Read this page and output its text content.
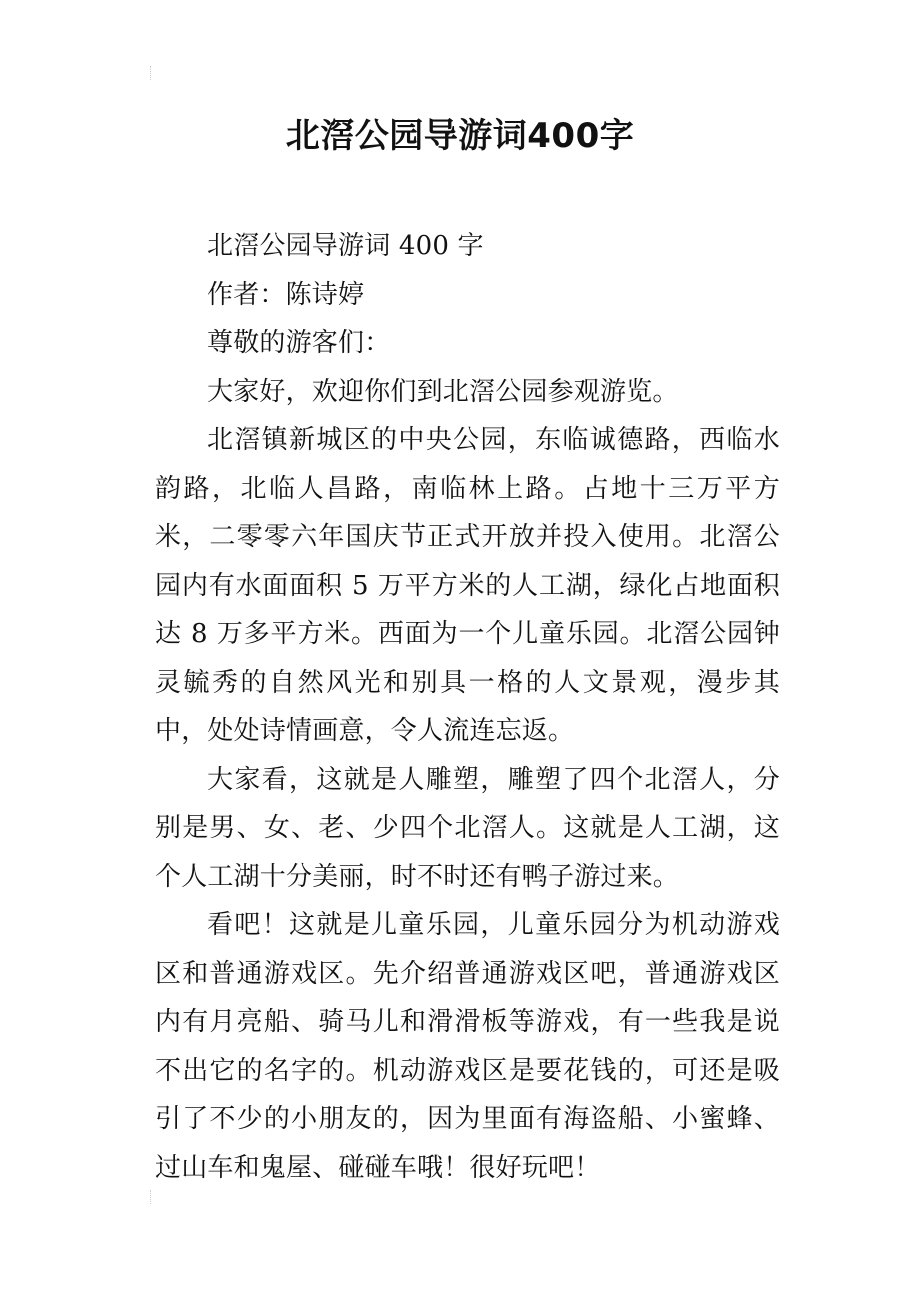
北滘公园导游词400字

北滘公园导游词 400 字

作者：陈诗婷

尊敬的游客们：

大家好，欢迎你们到北滘公园参观游览。

北滘镇新城区的中央公园，东临诚德路，西临水韵路，北临人昌路，南临林上路。占地十三万平方米，二零零六年国庆节正式开放并投入使用。北滘公园内有水面面积 5 万平方米的人工湖，绿化占地面积达 8 万多平方米。西面为一个儿童乐园。北滘公园钟灵毓秀的自然风光和别具一格的人文景观，漫步其中，处处诗情画意，令人流连忘返。

大家看，这就是人雕塑，雕塑了四个北滘人，分别是男、女、老、少四个北滘人。这就是人工湖，这个人工湖十分美丽，时不时还有鸭子游过来。

看吧！这就是儿童乐园，儿童乐园分为机动游戏区和普通游戏区。先介绍普通游戏区吧，普通游戏区内有月亮船、骑马儿和滑滑板等游戏，有一些我是说不出它的名字的。机动游戏区是要花钱的，可还是吸引了不少的小朋友的，因为里面有海盗船、小蜜蜂、过山车和鬼屋、碰碰车哦！很好玩吧！
